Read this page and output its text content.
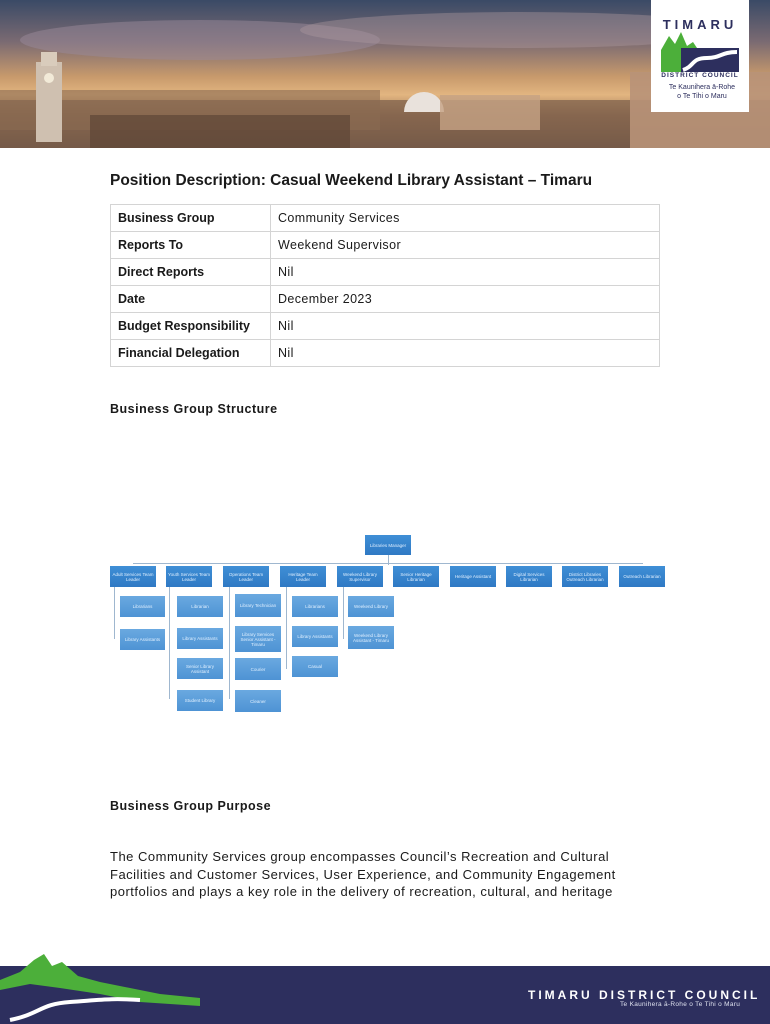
TIMARU
DISTRICT COUNCIL
Te Kaunihera ā-Rohe
o Te Tihi o Maru
Position Description: Casual Weekend Library Assistant – Timaru
Business Group	Community Services
Reports To	Weekend Supervisor
Direct Reports	Nil
Date	December 2023
Budget Responsibility	Nil
Financial Delegation	Nil
Business Group Structure
Libraries Manager
Adult Services Team Leader
Youth Services Team Leader
Operations Team Leader
Heritage Team Leader
Weekend Library Supervisor
Senior Heritage Librarian	Heritage Assistant	Digital Services Librarian
District Libraries Outreach Librarian	Outreach Librarian
Librarians
Library Assistants
Librarian
Library Assistants
Senior Library Assistant
Student Library
Library Technician
Library Services Senior Assistant - Timaru
Courier
Cleaner
Librarians
Library Assistants
Casual
Weekend Library
Weekend Library Assistant - Timaru
Business Group Purpose

The Community Services group encompasses Council’s Recreation and Cultural

Facilities and Customer Services, User Experience, and Community Engagement

portfolios and plays a key role in the delivery of recreation, cultural, and heritage

TIMARU DISTRICT COUNCIL
Te Kaunihera ā-Rohe o Te Tihi o Maru
